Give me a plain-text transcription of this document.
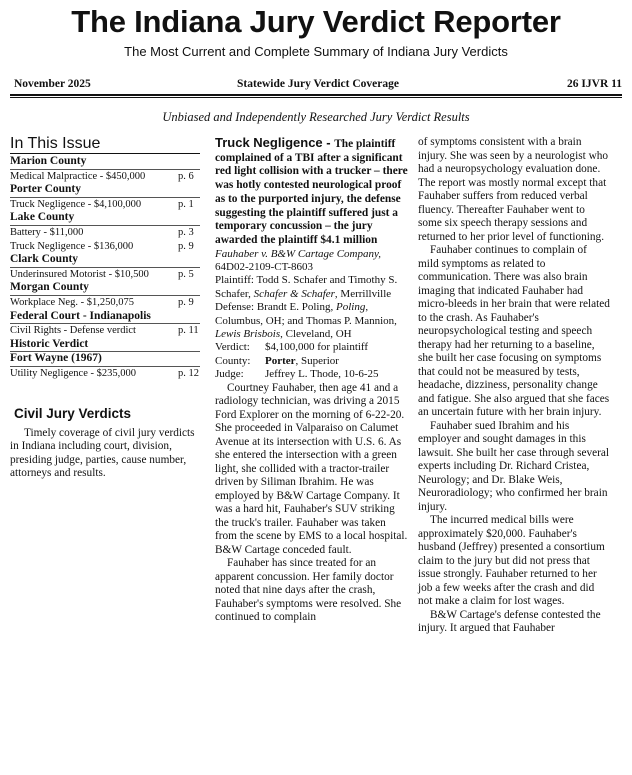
The Indiana Jury Verdict Reporter
The Most Current and Complete Summary of Indiana Jury Verdicts
November 2025	Statewide Jury Verdict Coverage	26 IJVR 11
Unbiased and Independently Researched Jury Verdict Results
In This Issue
Marion County
Medical Malpractice - $450,000	p. 6
Porter County
Truck Negligence - $4,100,000	p. 1
Lake County
Battery - $11,000	p. 3
Truck Negligence - $136,000	p. 9
Clark County
Underinsured Motorist - $10,500	p. 5
Morgan County
Workplace Neg. - $1,250,075	p. 9
Federal Court - Indianapolis
Civil Rights - Defense verdict	p. 11
Historic Verdict
Fort Wayne (1967)
Utility Negligence - $235,000	p. 12
Civil Jury Verdicts
Timely coverage of civil jury verdicts in Indiana including court, division, presiding judge, parties, cause number, attorneys and results.
Truck Negligence - The plaintiff complained of a TBI after a significant red light collision with a trucker – there was hotly contested neurological proof as to the purported injury, the defense suggesting the plaintiff suffered just a temporary concussion – the jury awarded the plaintiff $4.1 million
Fauhaber v. B&W Cartage Company,
64D02-2109-CT-8603
Plaintiff: Todd S. Schafer and Timothy S. Schafer, Schafer & Schafer, Merrillville
Defense: Brandt E. Poling, Poling, Columbus, OH; and Thomas P. Mannion, Lewis Brisbois, Cleveland, OH
Verdict: $4,100,000 for plaintiff
County: Porter, Superior
Judge: Jeffrey L. Thode, 10-6-25

Courtney Fauhaber, then age 41 and a radiology technician, was driving a 2015 Ford Explorer on the morning of 6-22-20. She proceeded in Valparaiso on Calumet Avenue at its intersection with U.S. 6. As she entered the intersection with a green light, she collided with a tractor-trailer driven by Siliman Ibrahim. He was employed by B&W Cartage Company. It was a hard hit, Fauhaber's SUV striking the truck's trailer. Fauhaber was taken from the scene by EMS to a local hospital. B&W Cartage conceded fault.

Fauhaber has since treated for an apparent concussion. Her family doctor noted that nine days after the crash, Fauhaber's symptoms were resolved. She continued to complain

of symptoms consistent with a brain injury. She was seen by a neurologist who had a neuropsychology evaluation done. The report was mostly normal except that Fauhaber suffers from reduced verbal fluency. Thereafter Fauhaber went to some six speech therapy sessions and returned to her prior level of functioning.

Fauhaber continues to complain of mild symptoms as related to communication. There was also brain imaging that indicated Fauhaber had micro-bleeds in her brain that were related to the crash. As Fauhaber's neuropsychological testing and speech therapy had her returning to a baseline, she built her case focusing on symptoms that could not be measured by tests, headache, dizziness, personality change and fatigue. She also argued that she faces an uncertain future with her brain injury.

Fauhaber sued Ibrahim and his employer and sought damages in this lawsuit. She built her case through several experts including Dr. Richard Cristea, Neurology; and Dr. Blake Weis, Neuroradiology; who confirmed her brain injury.

The incurred medical bills were approximately $20,000. Fauhaber's husband (Jeffrey) presented a consortium claim to the jury but did not press that issue strongly. Fauhaber returned to her job a few weeks after the crash and did not make a claim for lost wages.

B&W Cartage's defense contested the injury. It argued that Fauhaber
